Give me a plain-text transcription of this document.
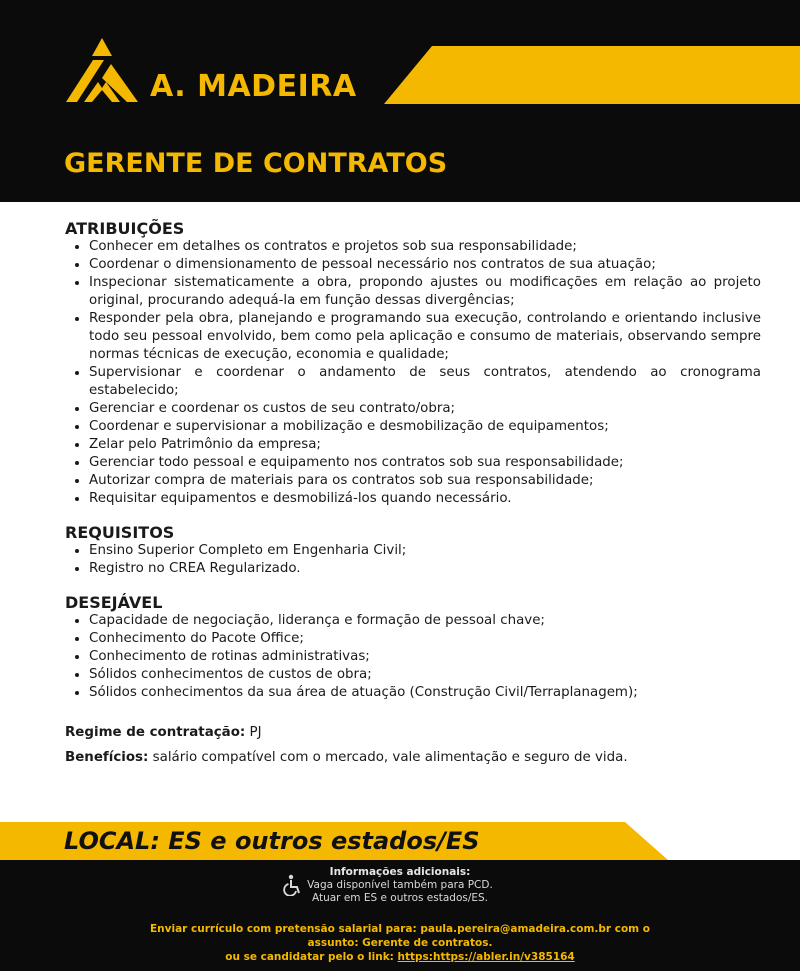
A. MADEIRA
GERENTE DE CONTRATOS
ATRIBUIÇÕES
• Conhecer em detalhes os contratos e projetos sob sua responsabilidade;
• Coordenar o dimensionamento de pessoal necessário nos contratos de sua atuação;
• Inspecionar sistematicamente a obra, propondo ajustes ou modificações em relação ao projeto original, procurando adequá-la em função dessas divergências;
• Responder pela obra, planejando e programando sua execução, controlando e orientando inclusive todo seu pessoal envolvido, bem como pela aplicação e consumo de materiais, observando sempre normas técnicas de execução, economia e qualidade;
• Supervisionar e coordenar o andamento de seus contratos, atendendo ao cronograma estabelecido;
• Gerenciar e coordenar os custos de seu contrato/obra;
• Coordenar e supervisionar a mobilização e desmobilização de equipamentos;
• Zelar pelo Patrimônio da empresa;
• Gerenciar todo pessoal e equipamento nos contratos sob sua responsabilidade;
• Autorizar compra de materiais para os contratos sob sua responsabilidade;
• Requisitar equipamentos e desmobilizá-los quando necessário.
REQUISITOS
• Ensino Superior Completo em Engenharia Civil;
• Registro no CREA Regularizado.
DESEJÁVEL
• Capacidade de negociação, liderança e formação de pessoal chave;
• Conhecimento do Pacote Office;
• Conhecimento de rotinas administrativas;
• Sólidos conhecimentos de custos de obra;
• Sólidos conhecimentos da sua área de atuação (Construção Civil/Terraplanagem);

Regime de contratação: PJ

Benefícios: salário compatível com o mercado, vale alimentação e seguro de vida.

LOCAL: ES e outros estados/ES
Informações adicionais:
Vaga disponível também para PCD.
Atuar em ES e outros estados/ES.
Enviar currículo com pretensão salarial para: paula.pereira@amadeira.com.br com o
assunto: Gerente de contratos.
ou se candidatar pelo o link: https:https://abler.in/v385164
